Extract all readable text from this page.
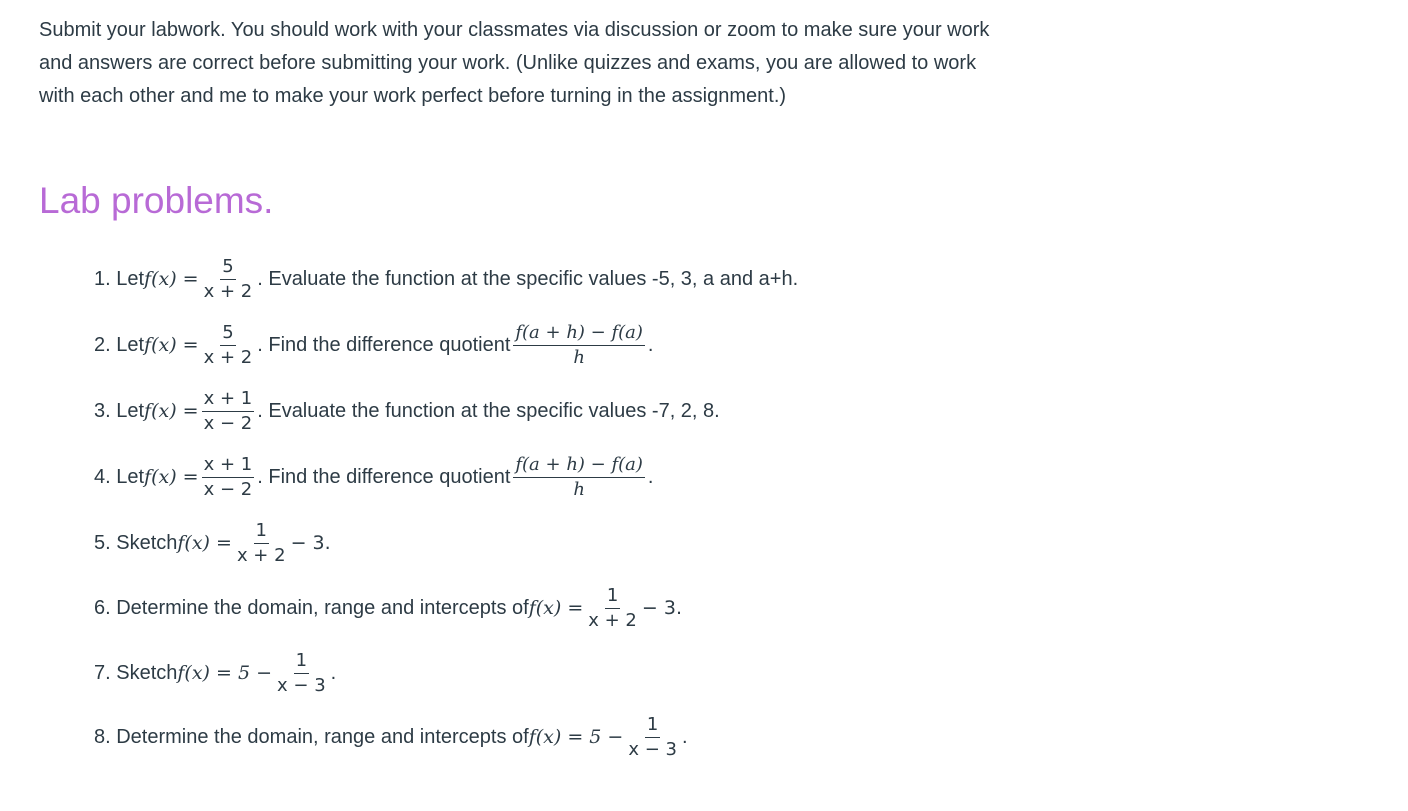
Submit your labwork. You should work with your classmates via discussion or zoom to make sure your work
and answers are correct before submitting your work. (Unlike quizzes and exams, you are allowed to work
with each other and me to make your work perfect before turning in the assignment.)

Lab problems.
1. Let $f(x) = \frac{5}{x + 2}$ . Evaluate the function at the specific values -5, 3, a and a+h.
2. Let $f(x) = \frac{5}{x + 2}$ . Find the difference quotient $\frac{f(a + h) - f(a)}{h}$ .
3. Let $f(x) = \frac{x + 1}{x - 2}$ . Evaluate the function at the specific values -7, 2, 8.
4. Let $f(x) = \frac{x + 1}{x - 2}$ . Find the difference quotient $\frac{f(a + h) - f(a)}{h}$ .
5. Sketch $f(x) = \frac{1}{x + 2} - 3$.
6. Determine the domain, range and intercepts of $f(x) = \frac{1}{x + 2} - 3$.
7. Sketch $f(x) = 5 - \frac{1}{x - 3}$ .
8. Determine the domain, range and intercepts of $f(x) = 5 - \frac{1}{x - 3}$ .
